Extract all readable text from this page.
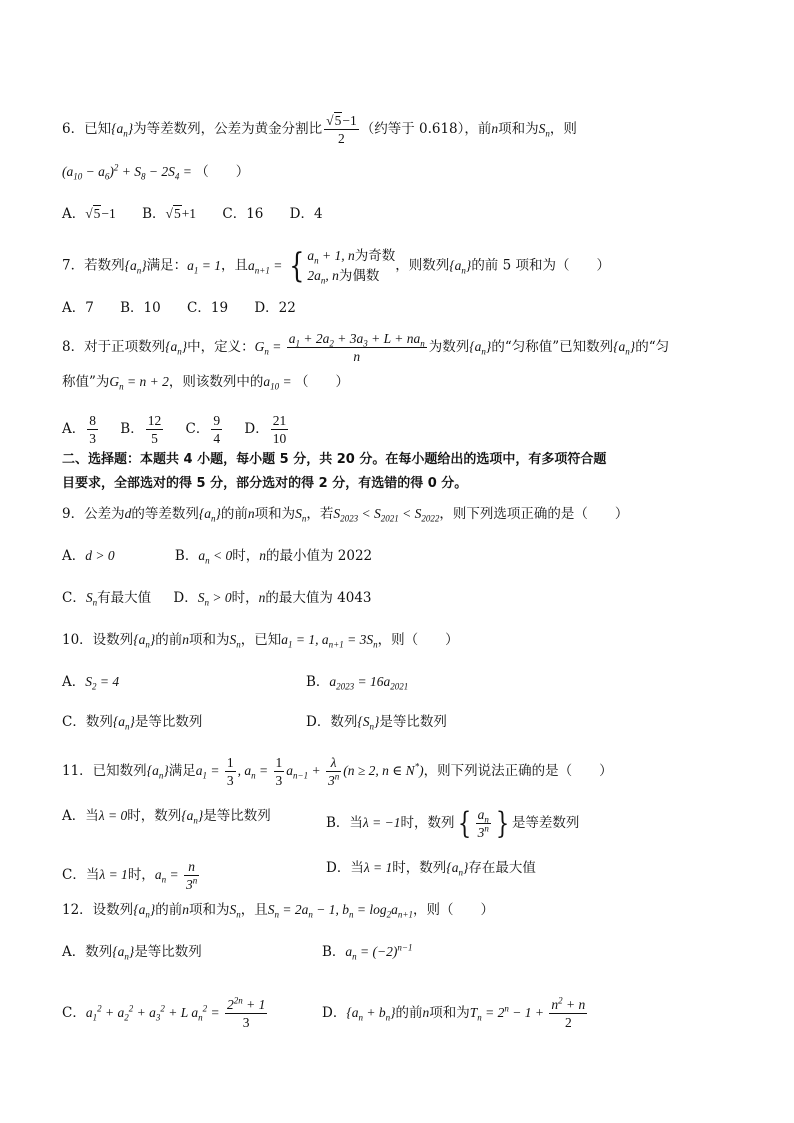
6．已知$\{a_n\}$为等差数列，公差为黄金分割比 $\frac{√5-1}{2}$ （约等于 0.618），前n项和为$S_n$，则
$(a_{10} - a_6)^2 + S_8 - 2S_4$ = （　　）
A．√5−1 B．√5+1 C．16 D．4
7．若数列$\{a_n\}$满足：$a_1 = 1$，且$a_{n+1}$ = { $a_n + 1$, n为奇数
$2a_n$, n为偶数
，则数列$\{a_n\}$的前 5 项和为（　　）
A．7 B．10 C．19 D．22
8．对于正项数列$\{a_n\}$中，定义：$G_n = \frac{a_1 + 2a_2 + 3a_3 + L + na_n}{n}$ 为数列$\{a_n\}$的“匀称值”已知数列$\{a_n\}$的“匀
称值”为$G_n = n + 2$，则该数列中的$a_{10}$ = （　　）
A． $\frac{8}{3}$ B． $\frac{12}{5}$ C． $\frac{9}{4}$ D． $\frac{21}{10}$
二、选择题：本题共 4 小题，每小题 5 分，共 20 分。在每小题给出的选项中，有多项符合题
目要求，全部选对的得 5 分，部分选对的得 2 分，有选错的得 0 分。
9．公差为d的等差数列$\{a_n\}$的前n项和为$S_n$，若$S_{2023} < S_{2021} < S_{2022}$，则下列选项正确的是（　　）
A．d > 0	B．$a_n < 0$时，n的最小值为 2022
C．$S_n$有最大值 D．$S_n > 0$时，n的最大值为 4043
10．设数列$\{a_n\}$的前n项和为$S_n$，已知$a_1 = 1$, $a_{n+1} = 3S_n$，则（　　）
A．$S_2 = 4$	B．$a_{2023} = 16a_{2021}$
C．数列$\{a_n\}$是等比数列	D．数列$\{S_n\}$是等比数列
11．已知数列$\{a_n\}$满足$a_1 = \frac{1}{3}$ , $a_n = \frac{1}{3} a_{n-1} + \frac{\lambda}{3^n} (n \ge 2$, n ∈ N*)，则下列说法正确的是（　　）
A．当λ = 0时，数列$\{a_n\}$是等比数列	B．当λ = −1时，数列{ $\frac{a_n}{3^n}$ } 是等差数列
C．当λ = 1时，$a_n = \frac{n}{3^n}$	D．当λ = 1时，数列$\{a_n\}$存在最大值
12．设数列$\{a_n\}$的前n项和为$S_n$，且$S_n = 2a_n - 1$, $b_n = \log_2a_{n+1}$，则（　　）
A．数列$\{a_n\}$是等比数列	B．$a_n = (-2)^{n-1}$
C．$a_1^2 + a_2^2 + a_3^2 + L$ $a_n^2 = \frac{2^{2n} + 1}{3}$	D．$\{a_n + b_n\}$的前n项和为$T_n = 2^n - 1 + \frac{n^2 + n}{2}$
